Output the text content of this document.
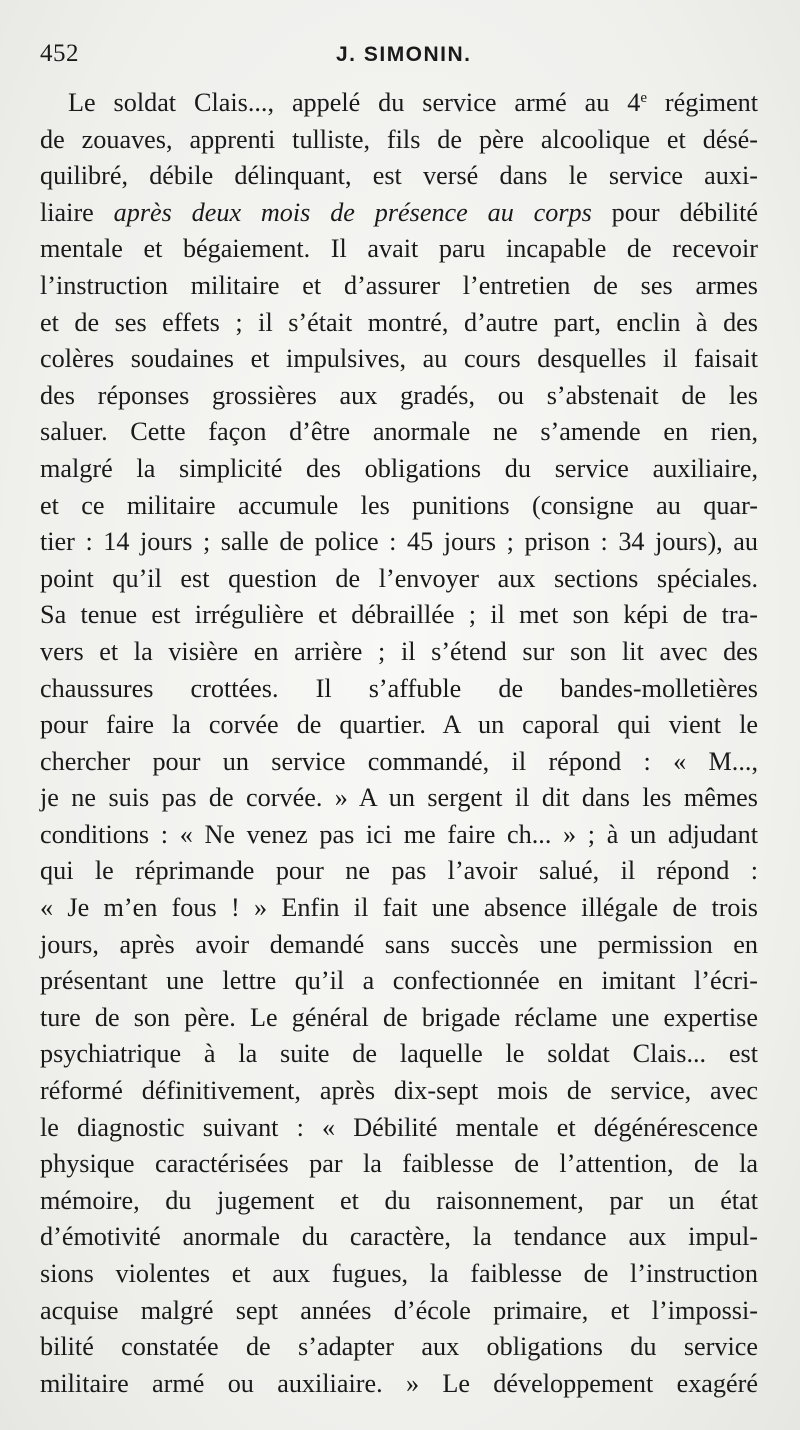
452	J. SIMONIN.
Le soldat Clais..., appelé du service armé au 4e régiment
de zouaves, apprenti tulliste, fils de père alcoolique et désé-
quilibré, débile délinquant, est versé dans le service auxi-
liaire après deux mois de présence au corps pour débilité
mentale et bégaiement. Il avait paru incapable de recevoir
l’instruction militaire et d’assurer l’entretien de ses armes
et de ses effets ; il s’était montré, d’autre part, enclin à des
colères soudaines et impulsives, au cours desquelles il faisait
des réponses grossières aux gradés, ou s’abstenait de les
saluer. Cette façon d’être anormale ne s’amende en rien,
malgré la simplicité des obligations du service auxiliaire,
et ce militaire accumule les punitions (consigne au quar-
tier : 14 jours ; salle de police : 45 jours ; prison : 34 jours), au
point qu’il est question de l’envoyer aux sections spéciales.
Sa tenue est irrégulière et débraillée ; il met son képi de tra-
vers et la visière en arrière ; il s’étend sur son lit avec des
chaussures crottées. Il s’affuble de bandes-molletières
pour faire la corvée de quartier. A un caporal qui vient le
chercher pour un service commandé, il répond : « M...,
je ne suis pas de corvée. » A un sergent il dit dans les mêmes
conditions : « Ne venez pas ici me faire ch... » ; à un adjudant
qui le réprimande pour ne pas l’avoir salué, il répond :
« Je m’en fous ! » Enfin il fait une absence illégale de trois
jours, après avoir demandé sans succès une permission en
présentant une lettre qu’il a confectionnée en imitant l’écri-
ture de son père. Le général de brigade réclame une expertise
psychiatrique à la suite de laquelle le soldat Clais... est
réformé définitivement, après dix-sept mois de service, avec
le diagnostic suivant : « Débilité mentale et dégénérescence
physique caractérisées par la faiblesse de l’attention, de la
mémoire, du jugement et du raisonnement, par un état
d’émotivité anormale du caractère, la tendance aux impul-
sions violentes et aux fugues, la faiblesse de l’instruction
acquise malgré sept années d’école primaire, et l’impossi-
bilité constatée de s’adapter aux obligations du service
militaire armé ou auxiliaire. » Le développement exagéré
